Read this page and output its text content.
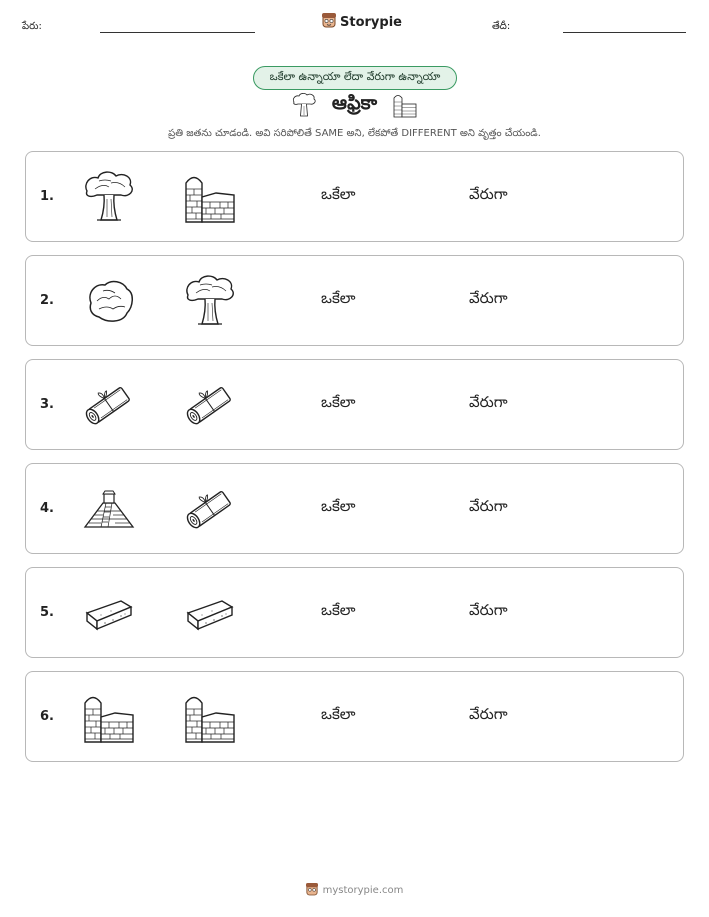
పేరు:	Storypie	తేదీ:
ఒకేలా ఉన్నాయా లేదా వేరుగా ఉన్నాయా
ఆఫ్రికా
ప్రతి జతను చూడండి. అవి సరిపోలితే SAME అని, లేకపోతే DIFFERENT అని వృత్తం చేయండి.
1.	ఒకేలా	వేరుగా
2.	ఒకేలా	వేరుగా
3.	ఒకేలా	వేరుగా
4.	ఒకేలా	వేరుగా
5.	ఒకేలా	వేరుగా
6.	ఒకేలా	వేరుగా
mystorypie.com
